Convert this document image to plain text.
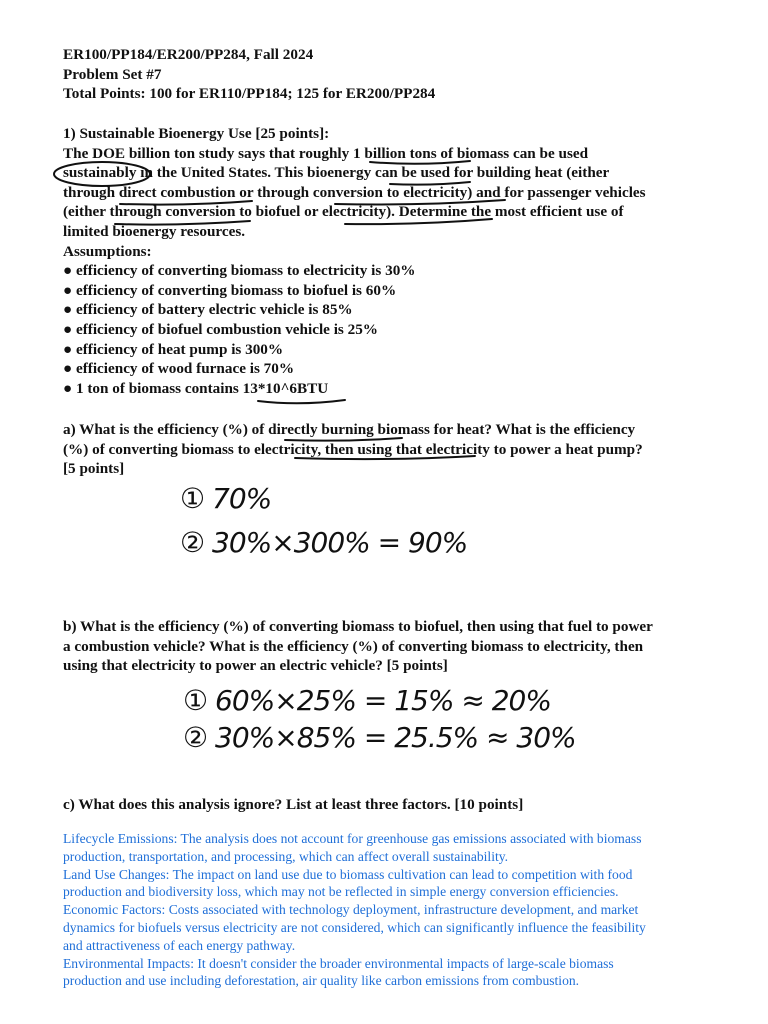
ER100/PP184/ER200/PP284, Fall 2024
Problem Set #7
Total Points: 100 for ER110/PP184; 125 for ER200/PP284
1) Sustainable Bioenergy Use [25 points]:
The DOE billion ton study says that roughly 1 billion tons of biomass can be used
sustainably in the United States. This bioenergy can be used for building heat (either
through direct combustion or through conversion to electricity) and for passenger vehicles
(either through conversion to biofuel or electricity). Determine the most efficient use of
limited bioenergy resources.
Assumptions:
● efficiency of converting biomass to electricity is 30%
● efficiency of converting biomass to biofuel is 60%
● efficiency of battery electric vehicle is 85%
● efficiency of biofuel combustion vehicle is 25%
● efficiency of heat pump is 300%
● efficiency of wood furnace is 70%
● 1 ton of biomass contains 13*10^6BTU
a) What is the efficiency (%) of directly burning biomass for heat? What is the efficiency
(%) of converting biomass to electricity, then using that electricity to power a heat pump?
[5 points]
① 70%
② 30%×300% = 90%
b) What is the efficiency (%) of converting biomass to biofuel, then using that fuel to power
a combustion vehicle? What is the efficiency (%) of converting biomass to electricity, then
using that electricity to power an electric vehicle? [5 points]
① 60%×25% = 15% ≈ 20%
② 30%×85% = 25.5% ≈ 30%
c) What does this analysis ignore? List at least three factors. [10 points]
Lifecycle Emissions: The analysis does not account for greenhouse gas emissions associated with biomass
production, transportation, and processing, which can affect overall sustainability.
Land Use Changes: The impact on land use due to biomass cultivation can lead to competition with food
production and biodiversity loss, which may not be reflected in simple energy conversion efficiencies.
Economic Factors: Costs associated with technology deployment, infrastructure development, and market
dynamics for biofuels versus electricity are not considered, which can significantly influence the feasibility
and attractiveness of each energy pathway.
Environmental Impacts: It doesn't consider the broader environmental impacts of large-scale biomass
production and use including deforestation, air quality like carbon emissions from combustion.
